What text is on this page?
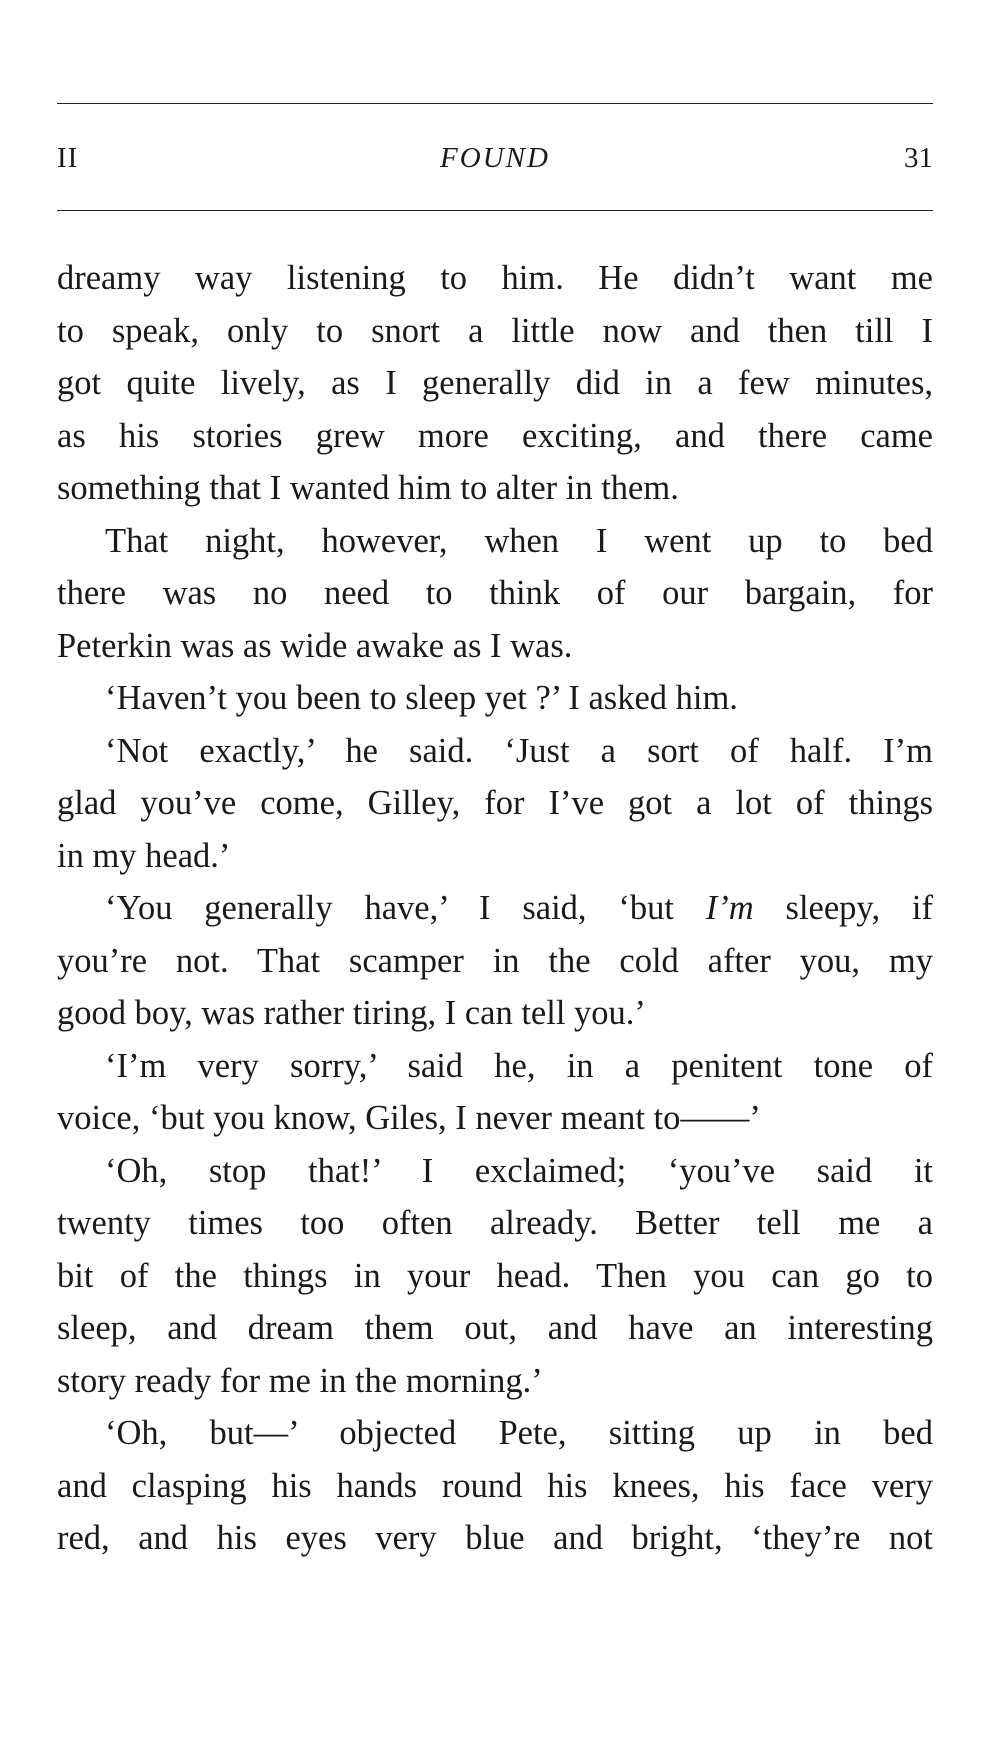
II	FOUND	31
dreamy way listening to him. He didn’t want me
to speak, only to snort a little now and then till I
got quite lively, as I generally did in a few minutes,
as his stories grew more exciting, and there came
something that I wanted him to alter in them.
That night, however, when I went up to bed
there was no need to think of our bargain, for
Peterkin was as wide awake as I was.
‘Haven’t you been to sleep yet ?’ I asked him.
‘Not exactly,’ he said. ‘Just a sort of half. I’m
glad you’ve come, Gilley, for I’ve got a lot of things
in my head.’
‘You generally have,’ I said, ‘but I’m sleepy, if
you’re not. That scamper in the cold after you, my
good boy, was rather tiring, I can tell you.’
‘I’m very sorry,’ said he, in a penitent tone of
voice, ‘but you know, Giles, I never meant to——’
‘Oh, stop that!’ I exclaimed; ‘you’ve said it
twenty times too often already. Better tell me a
bit of the things in your head. Then you can go to
sleep, and dream them out, and have an interesting
story ready for me in the morning.’
‘Oh, but—’ objected Pete, sitting up in bed
and clasping his hands round his knees, his face very
red, and his eyes very blue and bright, ‘they’re not
